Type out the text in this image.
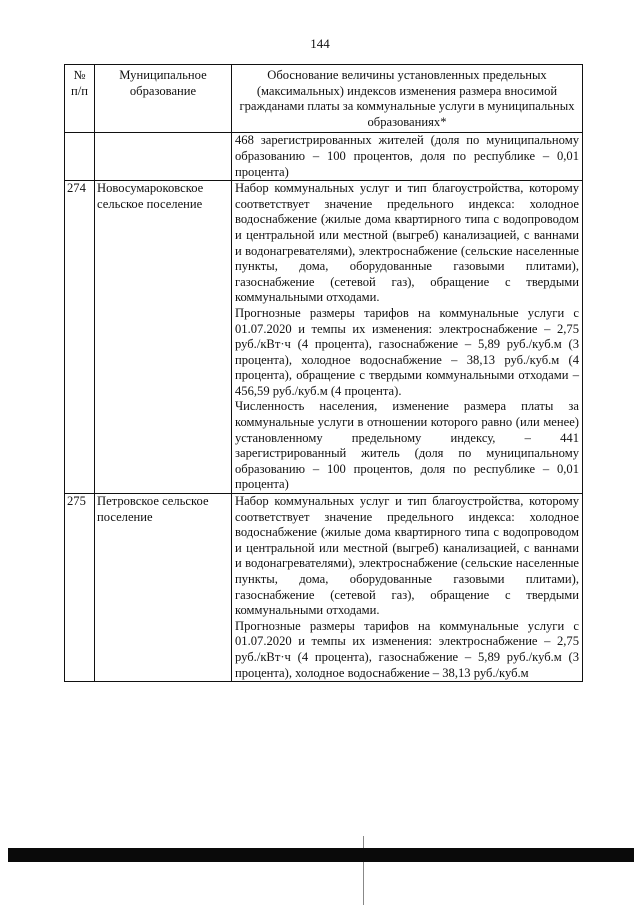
144
№ п/п	Муниципальное образование	Обоснование величины установленных предельных (максимальных) индексов изменения размера вносимой гражданами платы за коммунальные услуги в муниципальных образованиях*

		468 зарегистрированных жителей (доля по муниципальному образованию – 100 процентов, доля по республике – 0,01 процента)

274	Новосумароковское сельское поселение	Набор коммунальных услуг и тип благоустройства, которому соответствует значение предельного индекса: холодное водоснабжение (жилые дома квартирного типа с водопроводом и центральной или местной (выгреб) канализацией, с ваннами и водонагревателями), электроснабжение (сельские населенные пункты, дома, оборудованные газовыми плитами), газоснабжение (сетевой газ), обращение с твердыми коммунальными отходами.

Прогнозные размеры тарифов на коммунальные услуги с 01.07.2020 и темпы их изменения: электроснабжение – 2,75 руб./кВт·ч (4 процента), газоснабжение – 5,89 руб./куб.м (3 процента), холодное водоснабжение – 38,13 руб./куб.м (4 процента), обращение с твердыми коммунальными отходами – 456,59 руб./куб.м (4 процента).

Численность населения, изменение размера платы за коммунальные услуги в отношении которого равно (или менее) установленному предельному индексу, – 441 зарегистрированный житель (доля по муниципальному образованию – 100 процентов, доля по республике – 0,01 процента)

275	Петровское сельское поселение	Набор коммунальных услуг и тип благоустройства, которому соответствует значение предельного индекса: холодное водоснабжение (жилые дома квартирного типа с водопроводом и центральной или местной (выгреб) канализацией, с ваннами и водонагревателями), электроснабжение (сельские населенные пункты, дома, оборудованные газовыми плитами), газоснабжение (сетевой газ), обращение с твердыми коммунальными отходами.

Прогнозные размеры тарифов на коммунальные услуги с 01.07.2020 и темпы их изменения: электроснабжение – 2,75 руб./кВт·ч (4 процента), газоснабжение – 5,89 руб./куб.м (3 процента), холодное водоснабжение – 38,13 руб./куб.м
